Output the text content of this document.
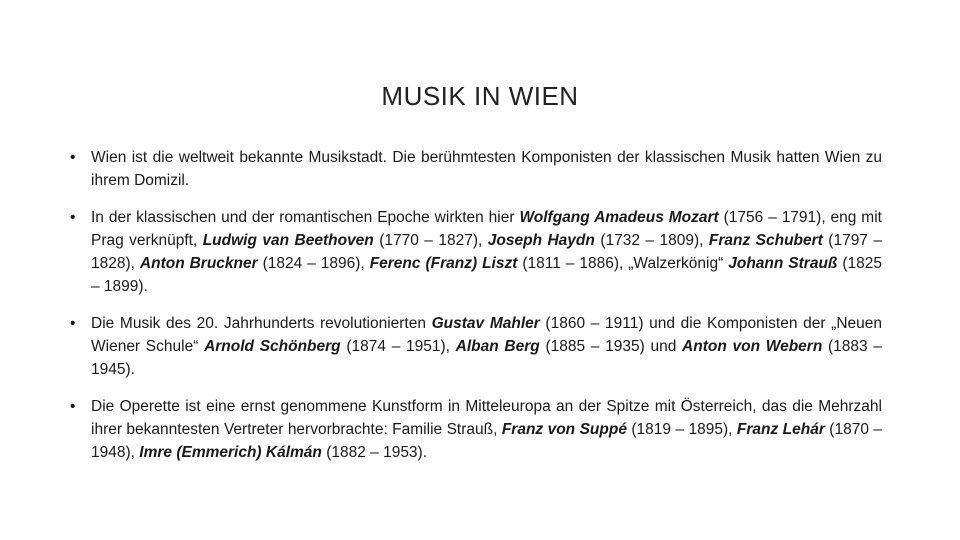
MUSIK IN WIEN
• Wien ist die weltweit bekannte Musikstadt. Die berühmtesten Komponisten der klassischen Musik hatten Wien zu ihrem Domizil.
• In der klassischen und der romantischen Epoche wirkten hier Wolfgang Amadeus Mozart (1756 – 1791), eng mit Prag verknüpft, Ludwig van Beethoven (1770 – 1827), Joseph Haydn (1732 – 1809), Franz Schubert (1797 – 1828), Anton Bruckner (1824 – 1896), Ferenc (Franz) Liszt (1811 – 1886), „Walzerkönig“ Johann Strauß (1825 – 1899).
• Die Musik des 20. Jahrhunderts revolutionierten Gustav Mahler (1860 – 1911) und die Komponisten der „Neuen Wiener Schule“ Arnold Schönberg (1874 – 1951), Alban Berg (1885 – 1935) und Anton von Webern (1883 – 1945).
• Die Operette ist eine ernst genommene Kunstform in Mitteleuropa an der Spitze mit Österreich, das die Mehrzahl ihrer bekanntesten Vertreter hervorbrachte: Familie Strauß, Franz von Suppé (1819 – 1895), Franz Lehár (1870 – 1948), Imre (Emmerich) Kálmán (1882 – 1953).
